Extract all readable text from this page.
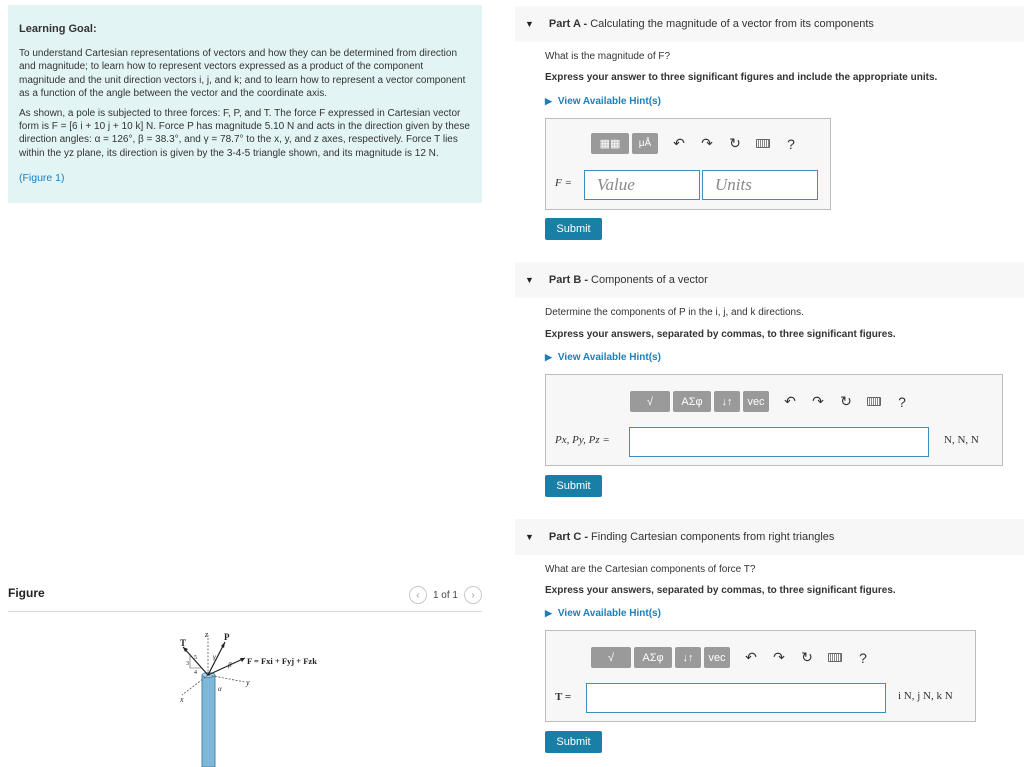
Learning Goal:

To understand Cartesian representations of vectors and how they can be determined from direction and magnitude; to learn how to represent vectors expressed as a product of the component magnitude and the unit direction vectors i, j, and k; and to learn how to represent a vector component as a function of the angle between the vector and the coordinate axis.

As shown, a pole is subjected to three forces: F, P, and T. The force F expressed in Cartesian vector form is F = [6 i + 10 j + 10 k] N. Force P has magnitude 5.10 N and acts in the direction given by these direction angles: α = 126°, β = 38.3°, and γ = 78.7° to the x, y, and z axes, respectively. Force T lies within the yz plane, its direction is given by the 3-4-5 triangle shown, and its magnitude is 12 N.

(Figure 1)
Figure	‹	1 of 1	›
T
P
z
y
x
α
β
γ
5
3
4
F = Fxi + Fyj + Fzk
▼ Part A - Calculating the magnitude of a vector from its components
What is the magnitude of F?
Express your answer to three significant figures and include the appropriate units.
▶ View Available Hint(s)
▦▦	μÅ	↶ ↷ ↻	?
F = Value	Units
Submit
▼ Part B - Components of a vector
Determine the components of P in the i, j, and k directions.
Express your answers, separated by commas, to three significant figures.
▶ View Available Hint(s)
√	ΑΣφ	↓↑	vec	↶ ↷ ↻	?
Px, Py, Pz =	N, N, N
Submit
▼ Part C - Finding Cartesian components from right triangles
What are the Cartesian components of force T?
Express your answers, separated by commas, to three significant figures.
▶ View Available Hint(s)
√	ΑΣφ	↓↑	vec	↶ ↷ ↻	?
T =	i N, j N, k N
Submit
